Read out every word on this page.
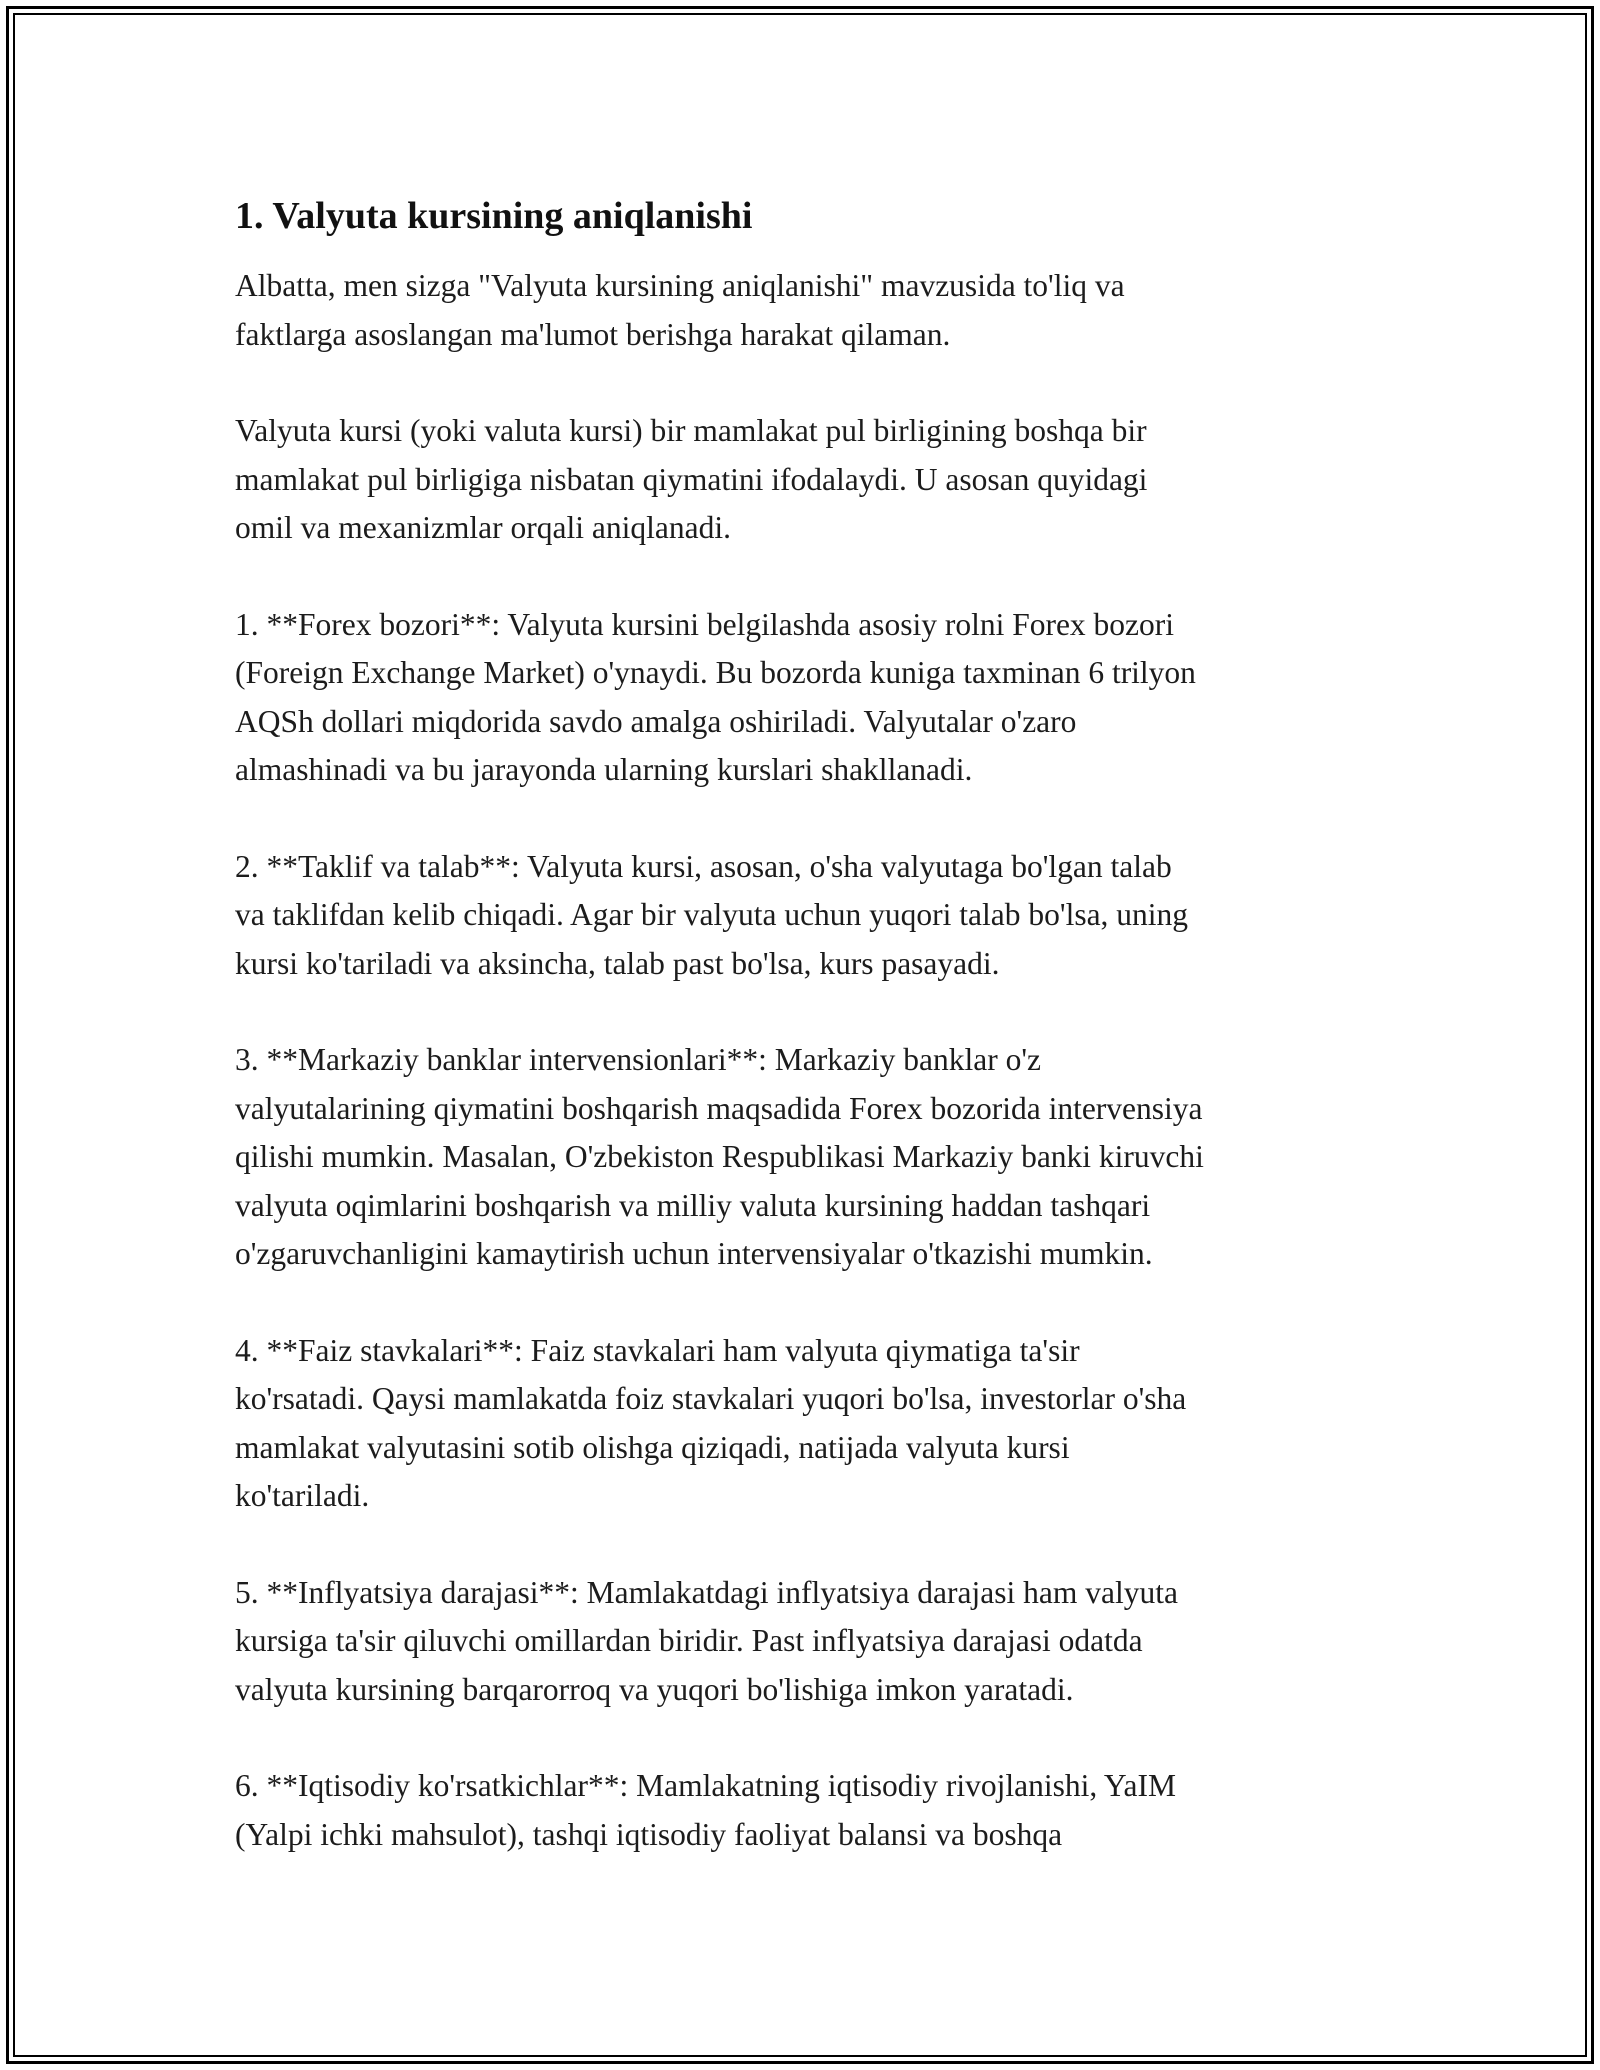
1. Valyuta kursining aniqlanishi

Albatta, men sizga "Valyuta kursining aniqlanishi" mavzusida to'liq va
faktlarga asoslangan ma'lumot berishga harakat qilaman.

Valyuta kursi (yoki valuta kursi) bir mamlakat pul birligining boshqa bir
mamlakat pul birligiga nisbatan qiymatini ifodalaydi. U asosan quyidagi
omil va mexanizmlar orqali aniqlanadi.

1. **Forex bozori**: Valyuta kursini belgilashda asosiy rolni Forex bozori
(Foreign Exchange Market) o'ynaydi. Bu bozorda kuniga taxminan 6 trilyon
AQSh dollari miqdorida savdo amalga oshiriladi. Valyutalar o'zaro
almashinadi va bu jarayonda ularning kurslari shakllanadi.

2. **Taklif va talab**: Valyuta kursi, asosan, o'sha valyutaga bo'lgan talab
va taklifdan kelib chiqadi. Agar bir valyuta uchun yuqori talab bo'lsa, uning
kursi ko'tariladi va aksincha, talab past bo'lsa, kurs pasayadi.

3. **Markaziy banklar intervensionlari**: Markaziy banklar o'z
valyutalarining qiymatini boshqarish maqsadida Forex bozorida intervensiya
qilishi mumkin. Masalan, O'zbekiston Respublikasi Markaziy banki kiruvchi
valyuta oqimlarini boshqarish va milliy valuta kursining haddan tashqari
o'zgaruvchanligini kamaytirish uchun intervensiyalar o'tkazishi mumkin.

4. **Faiz stavkalari**: Faiz stavkalari ham valyuta qiymatiga ta'sir
ko'rsatadi. Qaysi mamlakatda foiz stavkalari yuqori bo'lsa, investorlar o'sha
mamlakat valyutasini sotib olishga qiziqadi, natijada valyuta kursi
ko'tariladi.

5. **Inflyatsiya darajasi**: Mamlakatdagi inflyatsiya darajasi ham valyuta
kursiga ta'sir qiluvchi omillardan biridir. Past inflyatsiya darajasi odatda
valyuta kursining barqarorroq va yuqori bo'lishiga imkon yaratadi.

6. **Iqtisodiy ko'rsatkichlar**: Mamlakatning iqtisodiy rivojlanishi, YaIM
(Yalpi ichki mahsulot), tashqi iqtisodiy faoliyat balansi va boshqa
